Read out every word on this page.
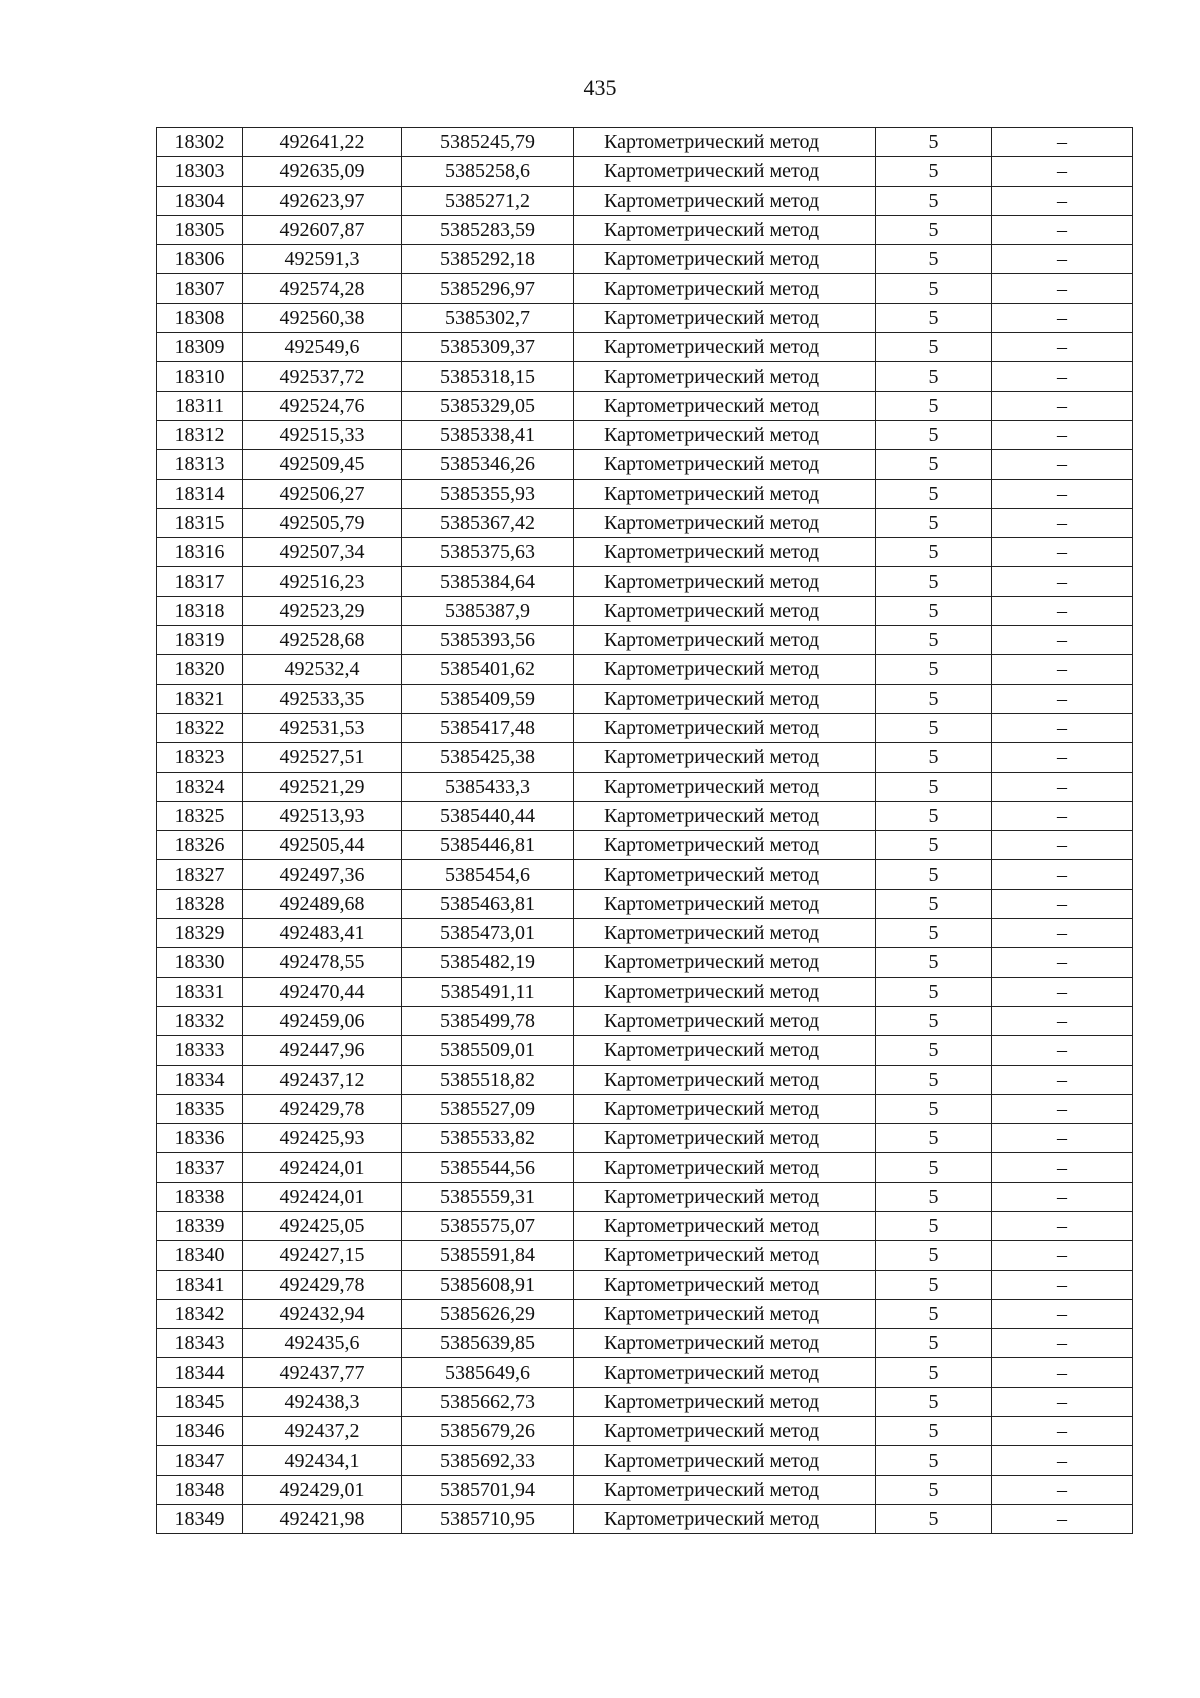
435
18302	492641,22	5385245,79	Картометрический метод	5	–
18303	492635,09	5385258,6	Картометрический метод	5	–
18304	492623,97	5385271,2	Картометрический метод	5	–
18305	492607,87	5385283,59	Картометрический метод	5	–
18306	492591,3	5385292,18	Картометрический метод	5	–
18307	492574,28	5385296,97	Картометрический метод	5	–
18308	492560,38	5385302,7	Картометрический метод	5	–
18309	492549,6	5385309,37	Картометрический метод	5	–
18310	492537,72	5385318,15	Картометрический метод	5	–
18311	492524,76	5385329,05	Картометрический метод	5	–
18312	492515,33	5385338,41	Картометрический метод	5	–
18313	492509,45	5385346,26	Картометрический метод	5	–
18314	492506,27	5385355,93	Картометрический метод	5	–
18315	492505,79	5385367,42	Картометрический метод	5	–
18316	492507,34	5385375,63	Картометрический метод	5	–
18317	492516,23	5385384,64	Картометрический метод	5	–
18318	492523,29	5385387,9	Картометрический метод	5	–
18319	492528,68	5385393,56	Картометрический метод	5	–
18320	492532,4	5385401,62	Картометрический метод	5	–
18321	492533,35	5385409,59	Картометрический метод	5	–
18322	492531,53	5385417,48	Картометрический метод	5	–
18323	492527,51	5385425,38	Картометрический метод	5	–
18324	492521,29	5385433,3	Картометрический метод	5	–
18325	492513,93	5385440,44	Картометрический метод	5	–
18326	492505,44	5385446,81	Картометрический метод	5	–
18327	492497,36	5385454,6	Картометрический метод	5	–
18328	492489,68	5385463,81	Картометрический метод	5	–
18329	492483,41	5385473,01	Картометрический метод	5	–
18330	492478,55	5385482,19	Картометрический метод	5	–
18331	492470,44	5385491,11	Картометрический метод	5	–
18332	492459,06	5385499,78	Картометрический метод	5	–
18333	492447,96	5385509,01	Картометрический метод	5	–
18334	492437,12	5385518,82	Картометрический метод	5	–
18335	492429,78	5385527,09	Картометрический метод	5	–
18336	492425,93	5385533,82	Картометрический метод	5	–
18337	492424,01	5385544,56	Картометрический метод	5	–
18338	492424,01	5385559,31	Картометрический метод	5	–
18339	492425,05	5385575,07	Картометрический метод	5	–
18340	492427,15	5385591,84	Картометрический метод	5	–
18341	492429,78	5385608,91	Картометрический метод	5	–
18342	492432,94	5385626,29	Картометрический метод	5	–
18343	492435,6	5385639,85	Картометрический метод	5	–
18344	492437,77	5385649,6	Картометрический метод	5	–
18345	492438,3	5385662,73	Картометрический метод	5	–
18346	492437,2	5385679,26	Картометрический метод	5	–
18347	492434,1	5385692,33	Картометрический метод	5	–
18348	492429,01	5385701,94	Картометрический метод	5	–
18349	492421,98	5385710,95	Картометрический метод	5	–
